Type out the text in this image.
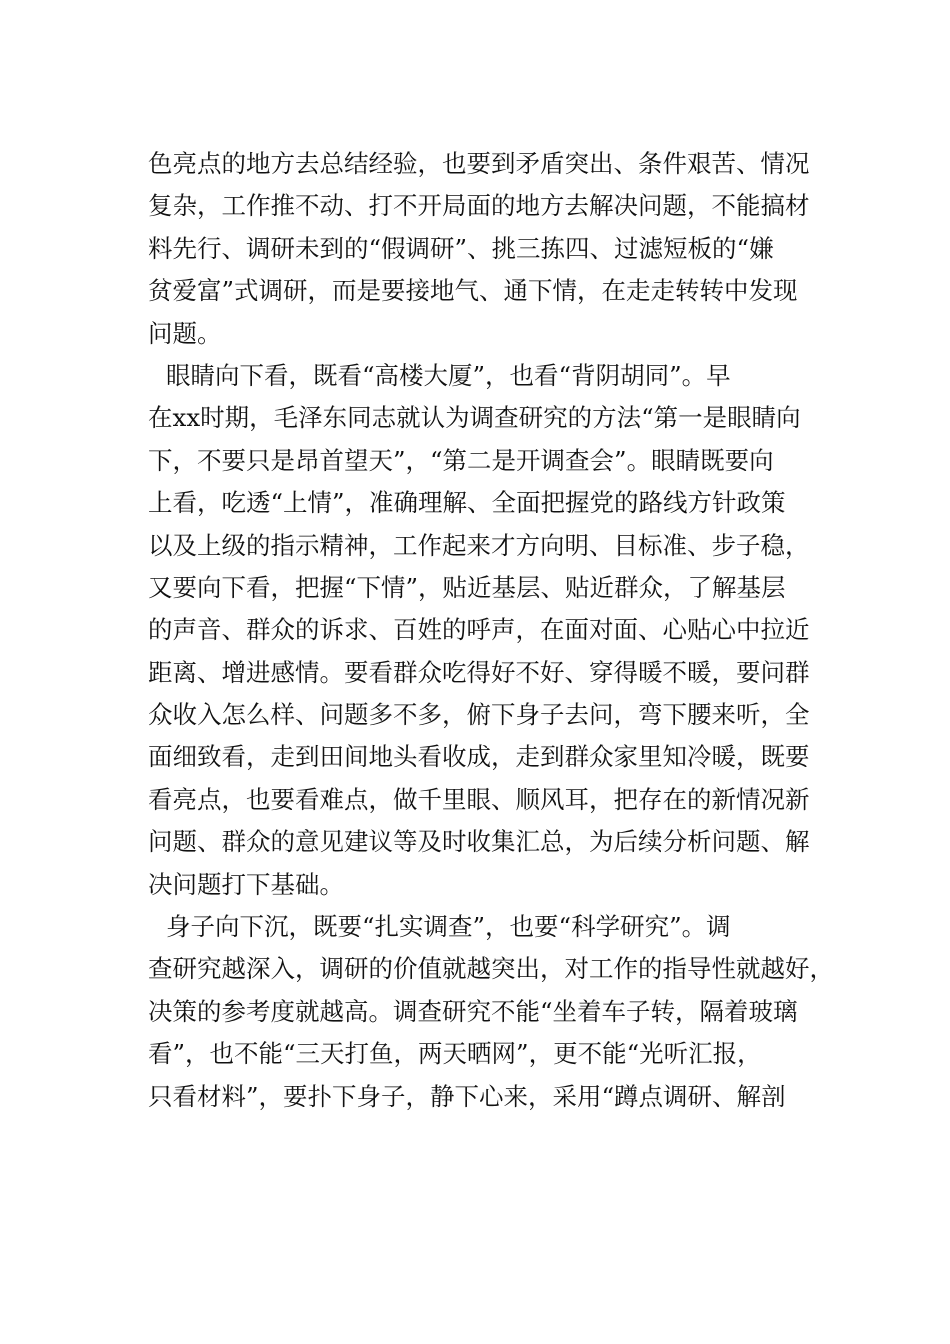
色亮点的地方去总结经验，也要到矛盾突出、条件艰苦、情况
复杂，工作推不动、打不开局面的地方去解决问题，不能搞材
料先行、调研未到的“假调研”、挑三拣四、过滤短板的“嫌
贫爱富”式调研，而是要接地气、通下情，在走走转转中发现
问题。
眼睛向下看，既看“高楼大厦”，也看“背阴胡同”。早
在xx时期，毛泽东同志就认为调查研究的方法“第一是眼睛向
下，不要只是昂首望天”，“第二是开调查会”。眼睛既要向
上看，吃透“上情”，准确理解、全面把握党的路线方针政策
以及上级的指示精神，工作起来才方向明、目标准、步子稳，
又要向下看，把握“下情”，贴近基层、贴近群众，了解基层
的声音、群众的诉求、百姓的呼声，在面对面、心贴心中拉近
距离、增进感情。要看群众吃得好不好、穿得暖不暖，要问群
众收入怎么样、问题多不多，俯下身子去问，弯下腰来听，全
面细致看，走到田间地头看收成，走到群众家里知冷暖，既要
看亮点，也要看难点，做千里眼、顺风耳，把存在的新情况新
问题、群众的意见建议等及时收集汇总，为后续分析问题、解
决问题打下基础。
身子向下沉，既要“扎实调查”，也要“科学研究”。调
查研究越深入，调研的价值就越突出，对工作的指导性就越好，
决策的参考度就越高。调查研究不能“坐着车子转，隔着玻璃
看”，也不能“三天打鱼，两天晒网”，更不能“光听汇报，
只看材料”，要扑下身子，静下心来，采用“蹲点调研、解剖
